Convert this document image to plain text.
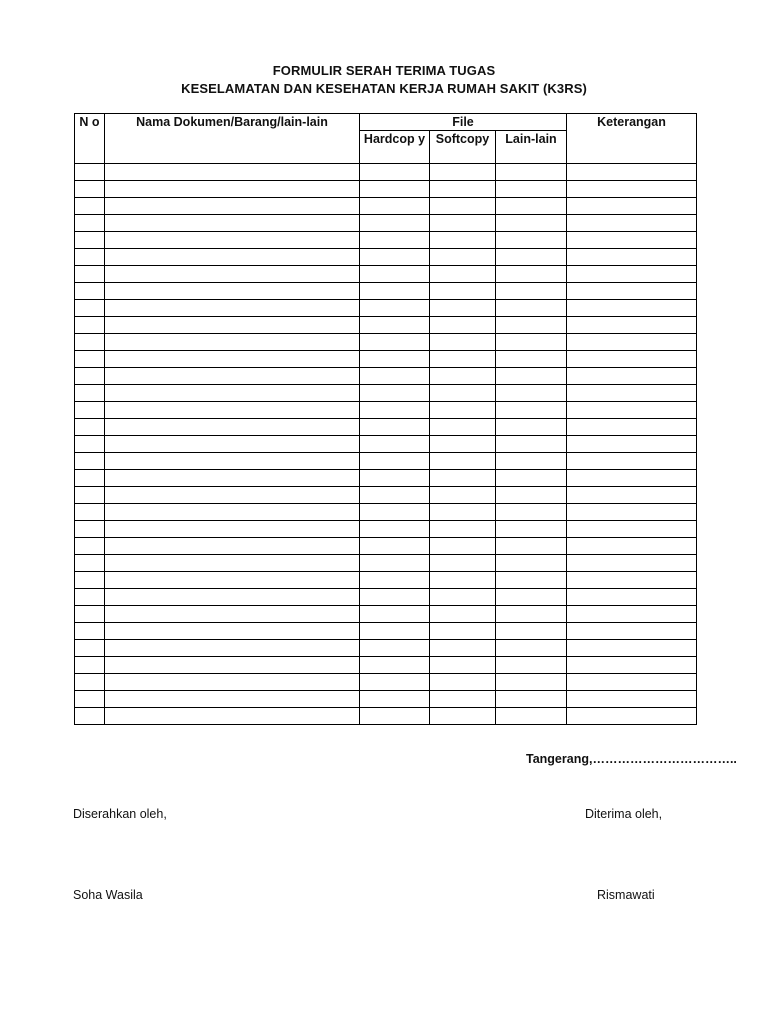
FORMULIR SERAH TERIMA TUGAS
KESELAMATAN DAN KESEHATAN KERJA RUMAH SAKIT (K3RS)
N o	Nama Dokumen/Barang/lain-lain	File			Keterangan
		Hardcop y	Softcopy	Lain-lain	

Tangerang,……………………………..
Diserahkan oleh,	Diterima oleh,
Soha Wasila	Rismawati
